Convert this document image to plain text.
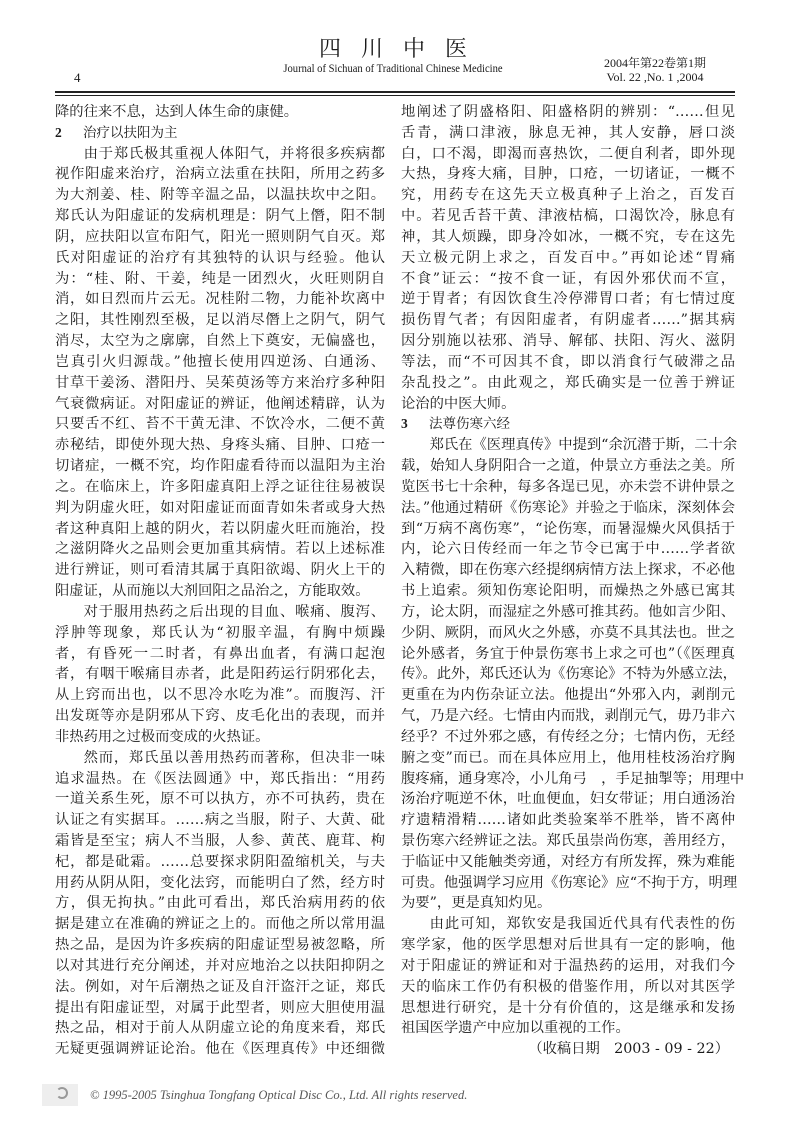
4
四川中医
Journal of Sichuan of Traditional Chinese Medicine	2004年第22卷第1期
Vol. 22 ,No. 1 ,2004
降的往来不息，达到人体生命的康健。
2 治疗以扶阳为主
由于郑氏极其重视人体阳气，并将很多疾病都
视作阳虚来治疗，治病立法重在扶阳，所用之药多
为大剂姜、桂、附等辛温之品，以温扶坎中之阳。
郑氏认为阳虚证的发病机理是：阴气上僭，阳不制
阴，应扶阳以宣布阳气，阳光一照则阴气自灭。郑
氏对阳虚证的治疗有其独特的认识与经验。他认
为：“桂、附、干姜，纯是一团烈火，火旺则阴自
消，如日烈而片云无。况桂附二物，力能补坎离中
之阳，其性刚烈至极，足以消尽僭上之阴气，阴气
消尽，太空为之廓廓，自然上下奠安，无偏盛也，
岂真引火归源哉。”他擅长使用四逆汤、白通汤、
甘草干姜汤、潜阳丹、吴茱萸汤等方来治疗多种阳
气衰微病证。对阳虚证的辨证，他阐述精辟，认为
只要舌不红、苔不干黄无津、不饮冷水，二便不黄
赤秘结，即使外现大热、身疼头痛、目肿、口疮一
切诸症，一概不究，均作阳虚看待而以温阳为主治
之。在临床上，许多阳虚真阳上浮之证往往易被误
判为阴虚火旺，如对阳虚证而面青如朱者或身大热
者这种真阳上越的阴火，若以阴虚火旺而施治，投
之滋阴降火之品则会更加重其病情。若以上述标准
进行辨证，则可看清其属于真阳欲竭、阴火上干的
阳虚证，从而施以大剂回阳之品治之，方能取效。
对于服用热药之后出现的目血、喉痛、腹泻、
浮肿等现象，郑氏认为“初服辛温，有胸中烦躁
者，有昏死一二时者，有鼻出血者，有满口起泡
者，有咽干喉痛目赤者，此是阳药运行阴邪化去，
从上窍而出也，以不思冷水吃为准”。而腹泻、汗
出发斑等亦是阴邪从下窍、皮毛化出的表现，而并
非热药用之过极而变成的火热证。
然而，郑氏虽以善用热药而著称，但决非一味
追求温热。在《医法圆通》中，郑氏指出：“用药
一道关系生死，原不可以执方，亦不可执药，贵在
认证之有实据耳。……病之当服，附子、大黄、砒
霜皆是至宝；病人不当服，人参、黄芪、鹿茸、枸
杞，都是砒霜。……总要探求阴阳盈缩机关，与夫
用药从阴从阳，变化法窍，而能明白了然，经方时
方，俱无拘执。”由此可看出，郑氏治病用药的依
据是建立在准确的辨证之上的。而他之所以常用温
热之品，是因为许多疾病的阳虚证型易被忽略，所
以对其进行充分阐述，并对应地治之以扶阳抑阴之
法。例如，对午后潮热之证及自汗盗汗之证，郑氏
提出有阳虚证型，对属于此型者，则应大胆使用温
热之品，相对于前人从阴虚立论的角度来看，郑氏
无疑更强调辨证论治。他在《医理真传》中还细微
地阐述了阴盛格阳、阳盛格阴的辨别：“……但见
舌青，满口津液，脉息无神，其人安静，唇口淡
白，口不渴，即渴而喜热饮，二便自利者，即外现
大热，身疼大痛，目肿，口疮，一切诸证，一概不
究，用药专在这先天立极真种子上治之，百发百
中。若见舌苔干黄、津液枯槁，口渴饮冷，脉息有
神，其人烦躁，即身冷如冰，一概不究，专在这先
天立极元阴上求之，百发百中。”再如论述“胃痛
不食”证云：“按不食一证，有因外邪伏而不宣，
逆于胃者；有因饮食生冷停滞胃口者；有七情过度
损伤胃气者；有因阳虚者，有阴虚者……”据其病
因分别施以祛邪、消导、解郁、扶阳、泻火、滋阴
等法，而“不可因其不食，即以消食行气破滞之品
杂乱投之”。由此观之，郑氏确实是一位善于辨证
论治的中医大师。
3 法尊伤寒六经
郑氏在《医理真传》中提到“余沉潜于斯，二十余
载，始知人身阴阳合一之道，仲景立方垂法之美。所
览医书七十余种，每多各逞已见，亦未尝不讲仲景之
法。”他通过精研《伤寒论》并验之于临床，深刻体会
到“万病不离伤寒”，“论伤寒，而暑湿燥火风俱括于
内，论六日传经而一年之节令已寓于中……学者欲
入精微，即在伤寒六经提纲病情方法上探求，不必他
书上追索。须知伤寒论阳明，而燥热之外感已寓其
方，论太阴，而湿症之外感可推其药。他如言少阳、
少阴、厥阴，而风火之外感，亦莫不具其法也。世之
论外感者，务宜于仲景伤寒书上求之可也”（《医理真
传》。此外，郑氏还认为《伤寒论》不特为外感立法，
更重在为内伤杂证立法。他提出“外邪入内，剥削元
气，乃是六经。七情由内而戕，剥削元气，毋乃非六
经乎？不过外邪之感，有传经之分；七情内伤，无经
腑之变”而已。而在具体应用上，他用桂枝汤治疗胸
腹疼痛，通身寒冷，小儿角弓　，手足抽掣等；用理中
汤治疗呃逆不休，吐血便血，妇女带证；用白通汤治
疗遗精滑精……诸如此类验案举不胜举，皆不离仲
景伤寒六经辨证之法。郑氏虽崇尚伤寒，善用经方，
于临证中又能触类旁通，对经方有所发挥，殊为难能
可贵。他强调学习应用《伤寒论》应“不拘于方，明理
为要”，更是真知灼见。
由此可知，郑钦安是我国近代具有代表性的伤
寒学家，他的医学思想对后世具有一定的影响，他
对于阳虚证的辨证和对于温热药的运用，对我们今
天的临床工作仍有积极的借鉴作用，所以对其医学
思想进行研究，是十分有价值的，这是继承和发扬
祖国医学遗产中应加以重视的工作。
（收稿日期　2003 - 09 - 22）
© 1995-2005 Tsinghua Tongfang Optical Disc Co., Ltd. All rights reserved.
